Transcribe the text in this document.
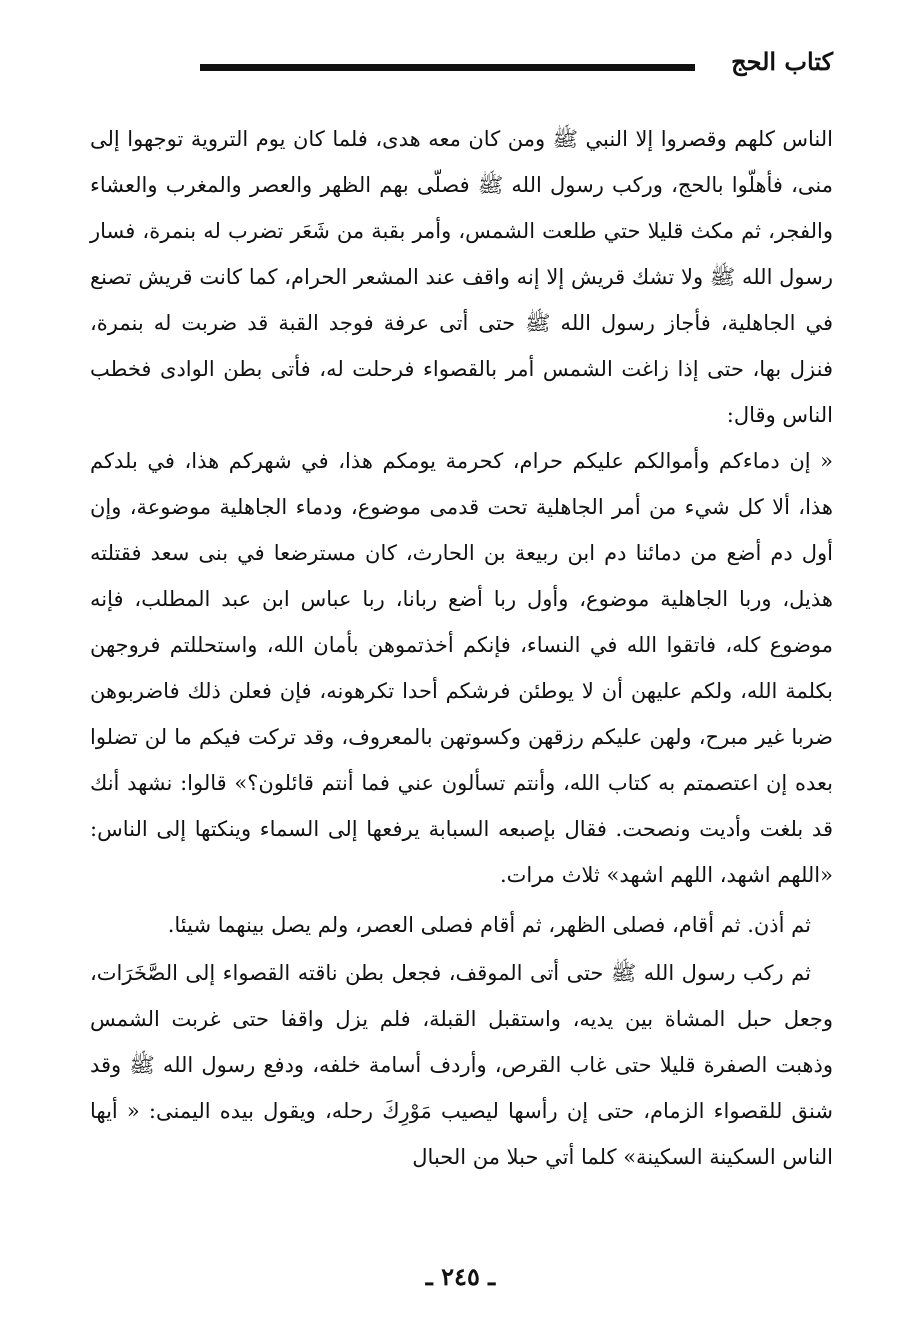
كتاب الحج

الناس كلهم وقصروا إلا النبي ﷺ ومن كان معه هدى، فلما كان يوم التروية توجهوا إلى منى، فأهلّوا بالحج، وركب رسول الله ﷺ فصلّى بهم الظهر والعصر والمغرب والعشاء والفجر، ثم مكث قليلا حتي طلعت الشمس، وأمر بقبة من شَعَر تضرب له بنمرة، فسار رسول الله ﷺ ولا تشك قريش إلا إنه واقف عند المشعر الحرام، كما كانت قريش تصنع في الجاهلية، فأجاز رسول الله ﷺ حتى أتى عرفة فوجد القبة قد ضربت له بنمرة، فنزل بها، حتى إذا زاغت الشمس أمر بالقصواء فرحلت له، فأتى بطن الوادى فخطب الناس وقال:

« إن دماءكم وأموالكم عليكم حرام، كحرمة يومكم هذا، في شهركم هذا، في بلدكم هذا، ألا كل شيء من أمر الجاهلية تحت قدمى موضوع، ودماء الجاهلية موضوعة، وإن أول دم أضع من دمائنا دم ابن ربيعة بن الحارث، كان مسترضعا في بنى سعد فقتلته هذيل، وربا الجاهلية موضوع، وأول ربا أضع ربانا، ربا عباس ابن عبد المطلب، فإنه موضوع كله، فاتقوا الله في النساء، فإنكم أخذتموهن بأمان الله، واستحللتم فروجهن بكلمة الله، ولكم عليهن أن لا يوطئن فرشكم أحدا تكرهونه، فإن فعلن ذلك فاضربوهن ضربا غير مبرح، ولهن عليكم رزقهن وكسوتهن بالمعروف، وقد تركت فيكم ما لن تضلوا بعده إن اعتصمتم به كتاب الله، وأنتم تسألون عني فما أنتم قائلون؟» قالوا: نشهد أنك قد بلغت وأديت ونصحت. فقال بإصبعه السبابة يرفعها إلى السماء وينكتها إلى الناس: «اللهم اشهد، اللهم اشهد» ثلاث مرات.

ثم أذن. ثم أقام، فصلى الظهر، ثم أقام فصلى العصر، ولم يصل بينهما شيئا.

ثم ركب رسول الله ﷺ حتى أتى الموقف، فجعل بطن ناقته القصواء إلى الصَّخَرَات، وجعل حبل المشاة بين يديه، واستقبل القبلة، فلم يزل واقفا حتى غربت الشمس وذهبت الصفرة قليلا حتى غاب القرص، وأردف أسامة خلفه، ودفع رسول الله ﷺ وقد شنق للقصواء الزمام، حتى إن رأسها ليصيب مَوْرِكَ رحله، ويقول بيده اليمنى: « أيها الناس السكينة السكينة» كلما أتي حبلا من الحبال

ـ ٢٤٥ ـ
